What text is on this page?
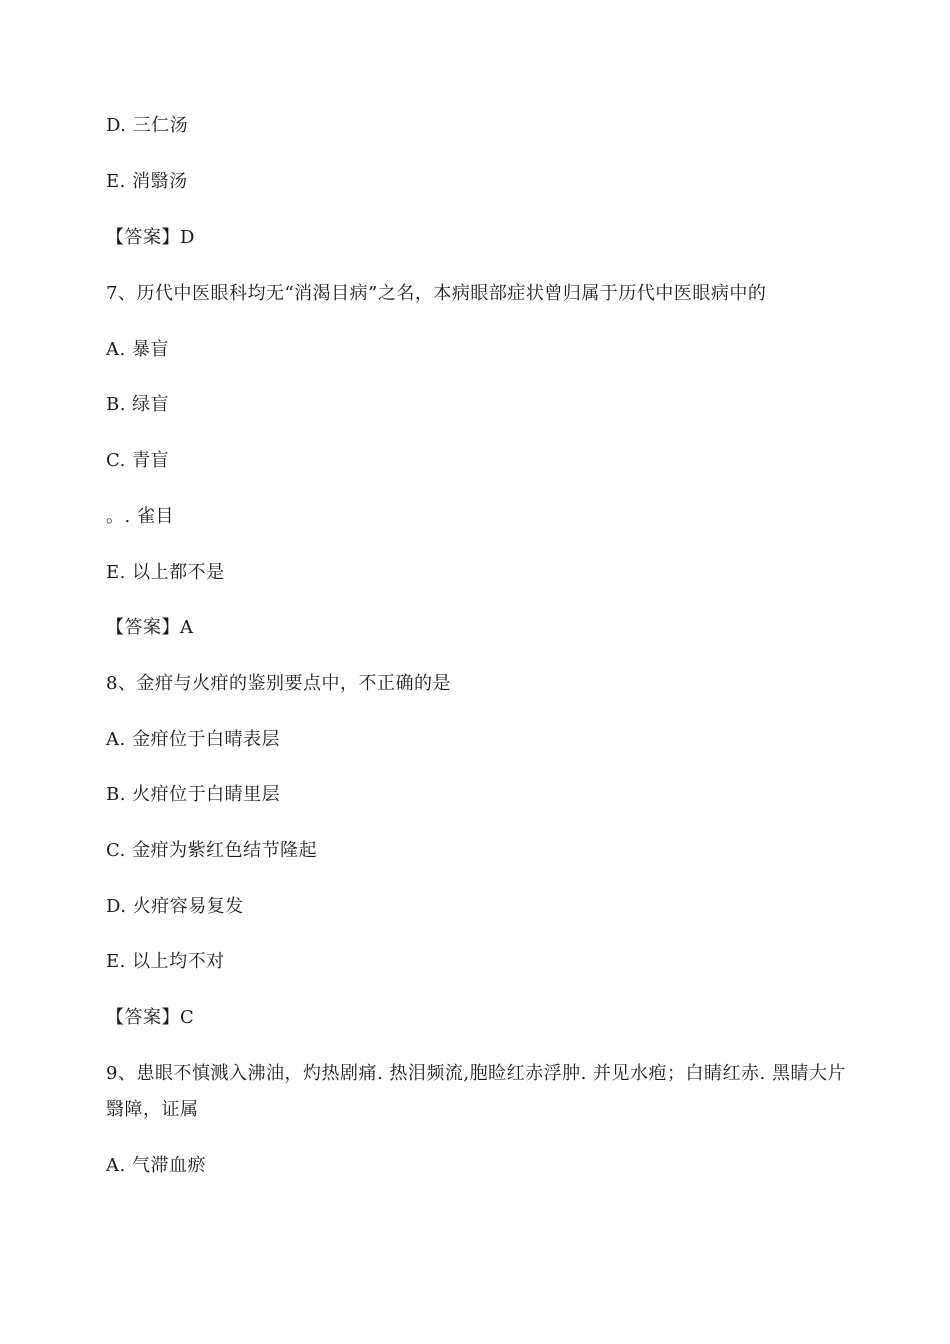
D. 三仁汤
E. 消翳汤
【答案】D
7、历代中医眼科均无“消渴目病”之名，本病眼部症状曾归属于历代中医眼病中的
A. 暴盲
B. 绿盲
C. 青盲
。. 雀目
E. 以上都不是
【答案】A
8、金疳与火疳的鉴别要点中，不正确的是
A. 金疳位于白晴表层
B. 火疳位于白睛里层
C. 金疳为紫红色结节隆起
D. 火疳容易复发
E. 以上均不对
【答案】C
9、患眼不慎溅入沸油，灼热剧痛. 热泪频流,胞睑红赤浮肿. 并见水疱；白睛红赤. 黑睛大片翳障，证属
A. 气滞血瘀
